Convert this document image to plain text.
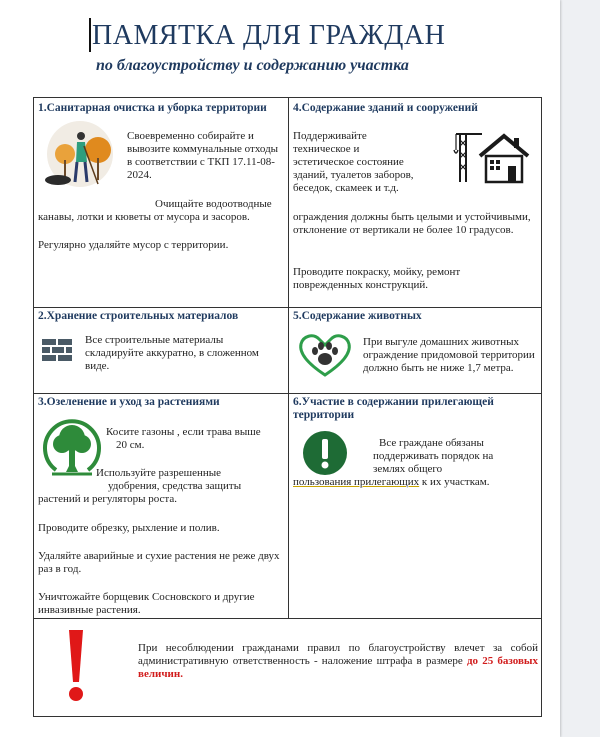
ПАМЯТКА ДЛЯ ГРАЖДАН
по благоустройству и содержанию участка
1.Санитарная очистка и уборка территории
Своевременно собирайте и вывозите коммунальные отходы в соответствии с ТКП 17.11-08-2024.
Очищайте водоотводные
канавы, лотки и кюветы от мусора и засоров.
Регулярно удаляйте мусор с территории.
4.Содержание зданий и сооружений
Поддерживайте
техническое и
эстетическое состояние
зданий, туалетов заборов,
беседок, скамеек и т.д.
ограждения должны быть целыми и устойчивыми, отклонение от вертикали не более 10 градусов.
Проводите покраску, мойку, ремонт поврежденных конструкций.
2.Хранение строительных материалов
Все строительные материалы складируйте аккуратно, в сложенном виде.
5.Содержание животных
При выгуле домашних животных ограждение придомовой территории должно быть не ниже 1,7 метра.
3.Озеленение и уход за растениями
Косите газоны , если трава выше
20 см.
Используйте разрешенные
удобрения, средства защиты
растений и регуляторы роста.
Проводите обрезку, рыхление и полив.
Удаляйте аварийные и сухие растения не реже двух раз в год.
Уничтожайте борщевик Сосновского и другие инвазивные растения.
6.Участие в содержании прилегающей территории
Все граждане обязаны
поддерживать порядок на
землях общего
пользования прилегающих к их участкам.
При несоблюдении гражданами правил по благоустройству влечет за собой административную ответственность - наложение штрафа в размере до 25 базовых величин.
